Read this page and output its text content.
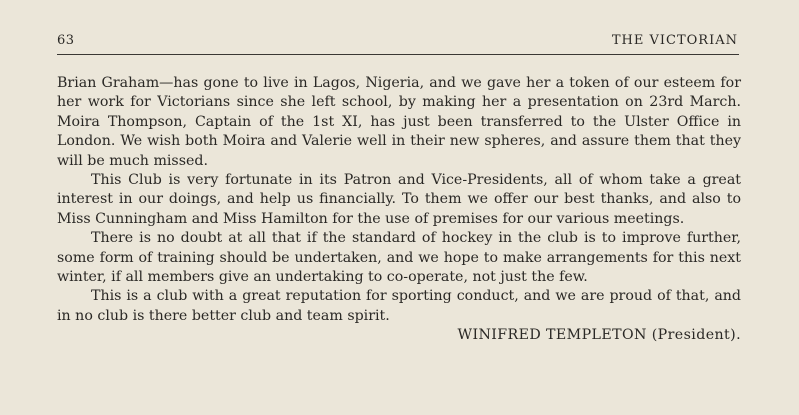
63	THE VICTORIAN

Brian Graham—has gone to live in Lagos, Nigeria, and we gave her a token of our esteem for her work for Victorians since she left school, by making her a presentation on 23rd March. Moira Thompson, Captain of the 1st XI, has just been transferred to the Ulster Office in London. We wish both Moira and Valerie well in their new spheres, and assure them that they will be much missed.

This Club is very fortunate in its Patron and Vice-Presidents, all of whom take a great interest in our doings, and help us financially. To them we offer our best thanks, and also to Miss Cunningham and Miss Hamilton for the use of premises for our various meetings.

There is no doubt at all that if the standard of hockey in the club is to improve further, some form of training should be undertaken, and we hope to make arrangements for this next winter, if all members give an undertaking to co-operate, not just the few.

This is a club with a great reputation for sporting conduct, and we are proud of that, and in no club is there better club and team spirit.

WINIFRED TEMPLETON (President).
